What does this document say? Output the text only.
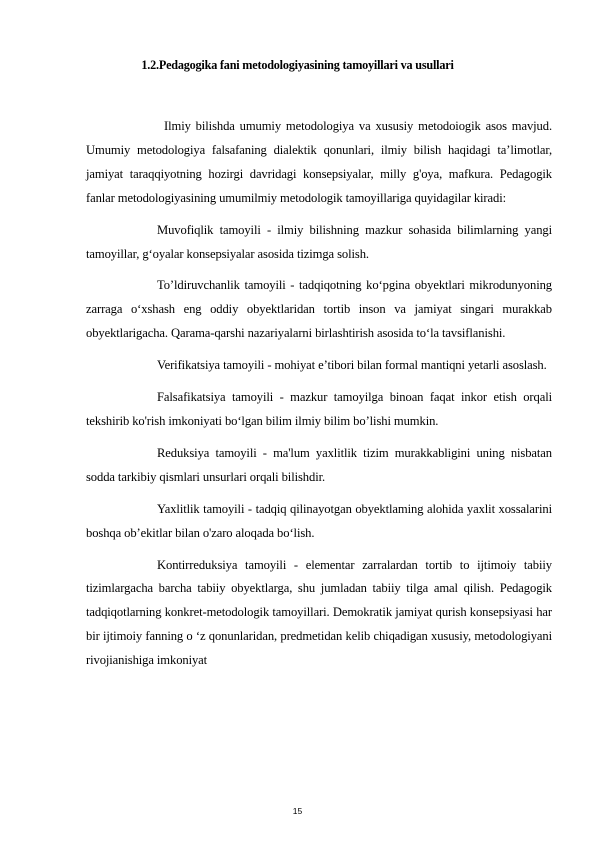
1.2.Pedagogika fani metodologiyasining tamoyillari va usullari

Ilmiy bilishda umumiy metodologiya va xususiy metodoiogik asos mavjud. Umumiy metodologiya falsafaning dialektik qonunlari, ilmiy bilish haqidagi ta’limotlar, jamiyat taraqqiyotning hozirgi davridagi konsepsiyalar, milly g'oya, mafkura. Pedagogik fanlar metodologiyasining umumilmiy metodologik tamoyillariga quyidagilar kiradi:

Muvofiqlik tamoyili - ilmiy bilishning mazkur sohasida bilimlarning yangi tamoyillar, g‘oyalar konsepsiyalar asosida tizimga solish.

To’ldiruvchanlik tamoyili - tadqiqotning ko‘pgina obyektlari mikrodunyoning zarraga o‘xshash eng oddiy obyektlaridan tortib inson va jamiyat singari murakkab obyektlarigacha. Qarama-qarshi nazariyalarni birlashtirish asosida to‘la tavsiflanishi.

Verifikatsiya tamoyili - mohiyat e’tibori bilan formal mantiqni yetarli asoslash.

Falsafikatsiya tamoyili - mazkur tamoyilga binoan faqat inkor etish orqali tekshirib ko'rish imkoniyati bo‘lgan bilim ilmiy bilim bo’lishi mumkin.

Reduksiya tamoyili - ma'lum yaxlitlik tizim murakkabligini uning nisbatan sodda tarkibiy qismlari unsurlari orqali bilishdir.

Yaxlitlik tamoyili - tadqiq qilinayotgan obyektlaming alohida yaxlit xossalarini boshqa ob’ekitlar bilan o'zaro aloqada bo‘lish.

Kontirreduksiya tamoyili - elementar zarralardan tortib to ijtimoiy tabiiy tizimlargacha barcha tabiiy obyektlarga, shu jumladan tabiiy tilga amal qilish. Pedagogik tadqiqotlarning konkret-metodologik tamoyillari. Demokratik jamiyat qurish konsepsiyasi har bir ijtimoiy fanning o ‘z qonunlaridan, predmetidan kelib chiqadigan xususiy, metodologiyani rivojianishiga imkoniyat

15
